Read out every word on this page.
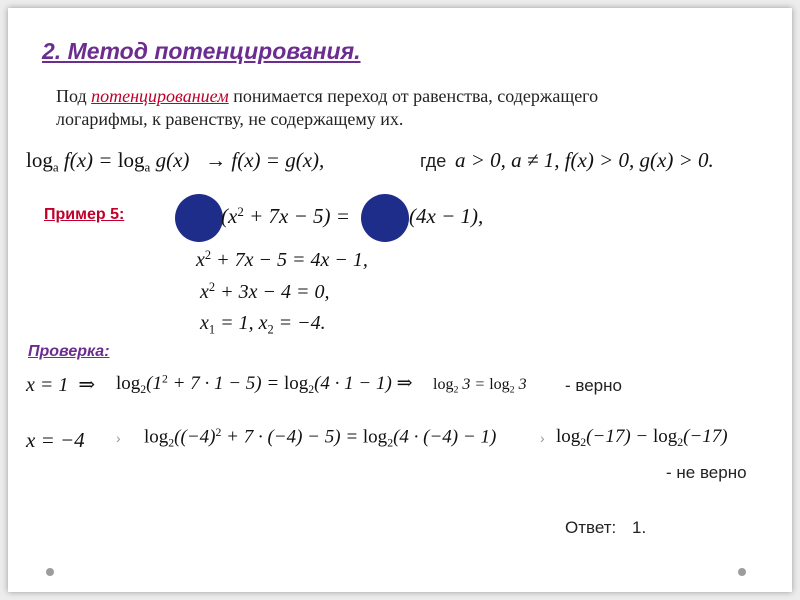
2. Метод потенцирования.
Под потенцированием понимается переход от равенства, содержащего
логарифмы, к равенству, не содержащему их.
$\log_a f(x) = \log_a g(x) \to f(x) = g(x)$,	где a > 0, a ≠ 1, f(x) > 0, g(x) > 0.
Пример 5:	$(x^2 + 7x - 5)$ =	(4x − 1),
$x^2 + 7x - 5 = 4x - 1$,
$x^2 + 3x - 4 = 0$,
$x_1 = 1$, $x_2 = -4$.
Проверка:
x = 1  ⇒ $\log_2(1^2 + 7 \cdot 1 - 5) = \log_2(4 \cdot 1 - 1)$ ⇒ $\log_2 3 = \log_2 3$ - верно
x = −4 › $\log_2((-4)^2 + 7 \cdot (-4) - 5) = \log_2(4 \cdot (-4) - 1)$	› $\log_2(-17) - \log_2(-17)$
- не верно
Ответ: 1.
